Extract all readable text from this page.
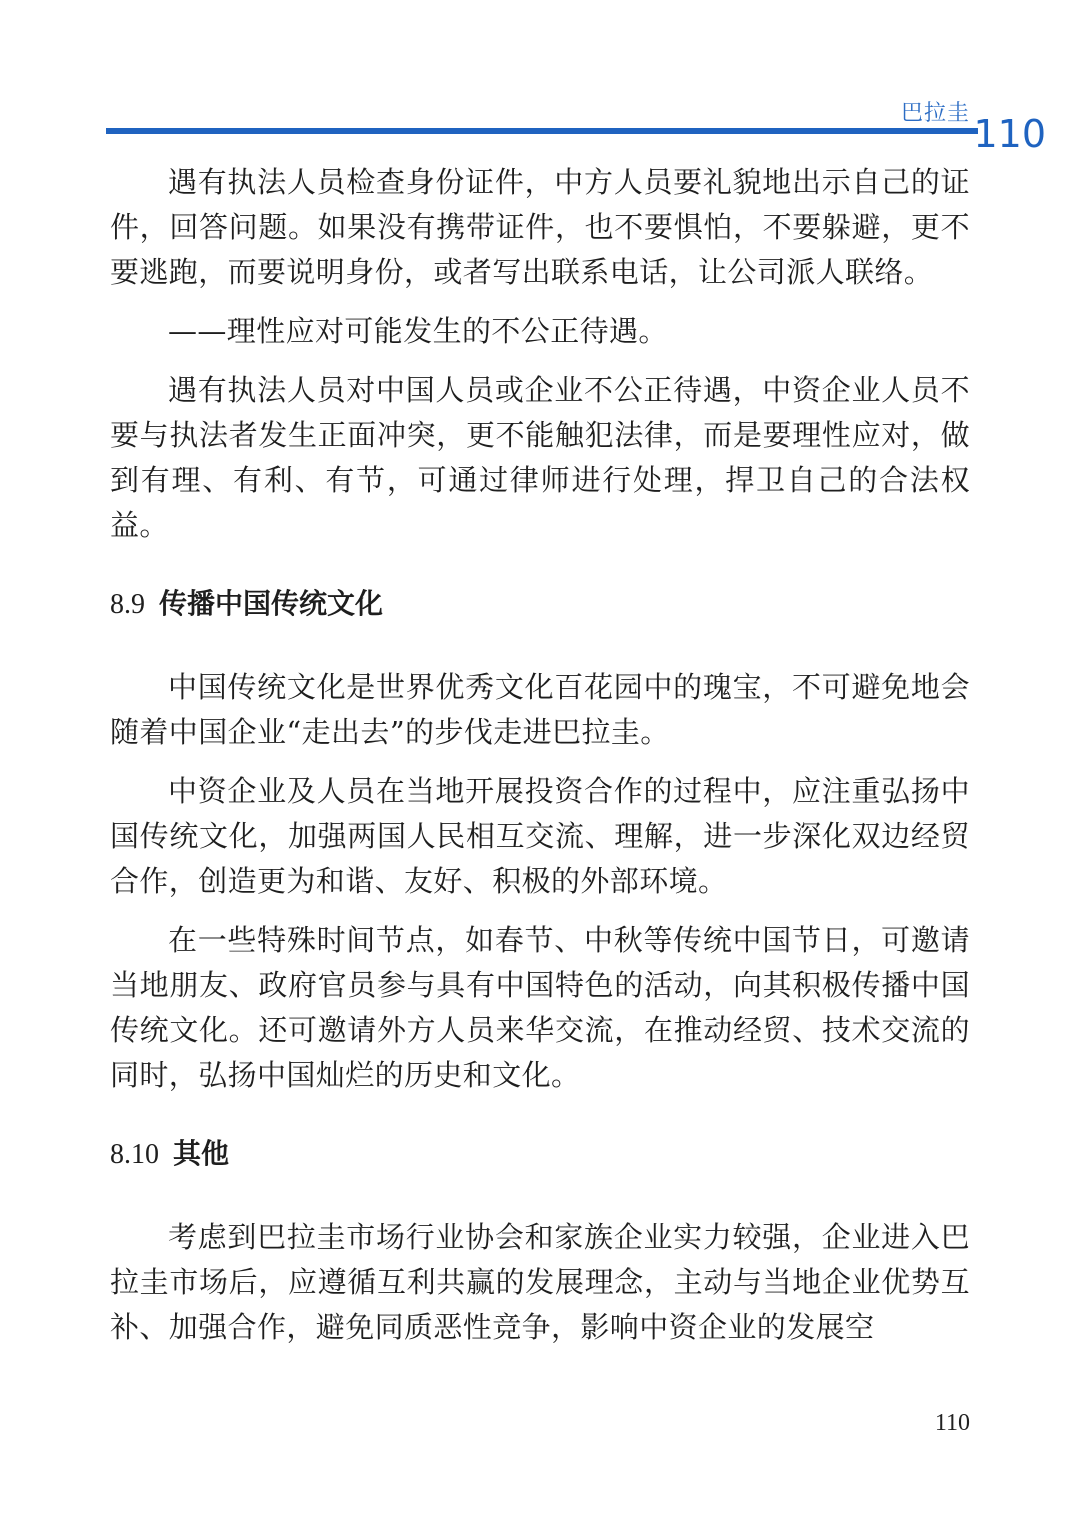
巴拉圭 110

遇有执法人员检查身份证件，中方人员要礼貌地出示自己的证件，回答问题。如果没有携带证件，也不要惧怕，不要躲避，更不要逃跑，而要说明身份，或者写出联系电话，让公司派人联络。

——理性应对可能发生的不公正待遇。

遇有执法人员对中国人员或企业不公正待遇，中资企业人员不要与执法者发生正面冲突，更不能触犯法律，而是要理性应对，做到有理、有利、有节，可通过律师进行处理，捍卫自己的合法权益。

8.9 传播中国传统文化

中国传统文化是世界优秀文化百花园中的瑰宝，不可避免地会随着中国企业“走出去”的步伐走进巴拉圭。

中资企业及人员在当地开展投资合作的过程中，应注重弘扬中国传统文化，加强两国人民相互交流、理解，进一步深化双边经贸合作，创造更为和谐、友好、积极的外部环境。

在一些特殊时间节点，如春节、中秋等传统中国节日，可邀请当地朋友、政府官员参与具有中国特色的活动，向其积极传播中国传统文化。还可邀请外方人员来华交流，在推动经贸、技术交流的同时，弘扬中国灿烂的历史和文化。

8.10 其他

考虑到巴拉圭市场行业协会和家族企业实力较强，企业进入巴拉圭市场后，应遵循互利共赢的发展理念，主动与当地企业优势互补、加强合作，避免同质恶性竞争，影响中资企业的发展空

110
